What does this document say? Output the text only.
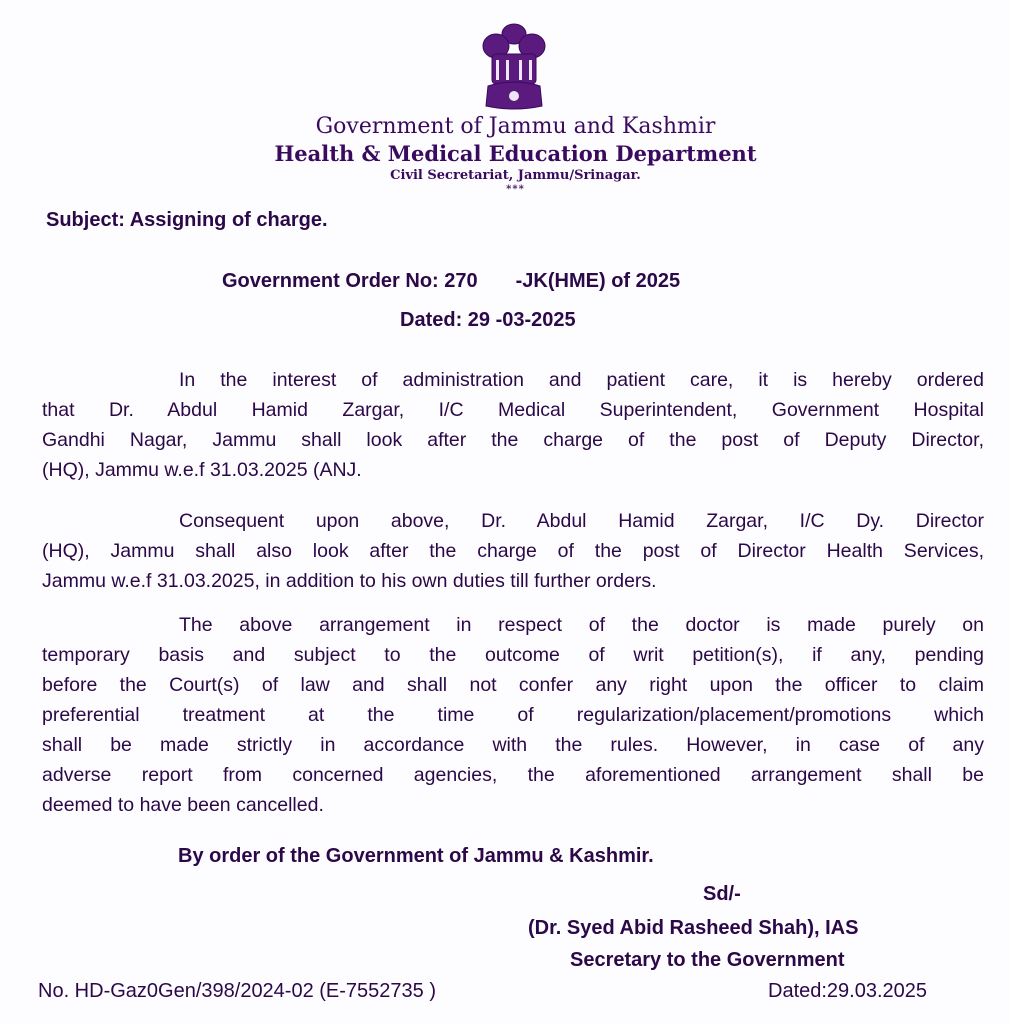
Government of Jammu and Kashmir
Health & Medical Education Department
Civil Secretariat, Jammu/Srinagar.
***
Subject: Assigning of charge.
Government Order No: 270 -JK(HME) of 2025
Dated: 29 -03-2025
In the interest of administration and patient care, it is hereby ordered
that Dr. Abdul Hamid Zargar, I/C Medical Superintendent, Government Hospital
Gandhi Nagar, Jammu shall look after the charge of the post of Deputy Director,
(HQ), Jammu w.e.f 31.03.2025 (ANJ.
Consequent upon above, Dr. Abdul Hamid Zargar, I/C Dy. Director
(HQ), Jammu shall also look after the charge of the post of Director Health Services,
Jammu w.e.f 31.03.2025, in addition to his own duties till further orders.
The above arrangement in respect of the doctor is made purely on
temporary basis and subject to the outcome of writ petition(s), if any, pending
before the Court(s) of law and shall not confer any right upon the officer to claim
preferential treatment at the time of regularization/placement/promotions which
shall be made strictly in accordance with the rules. However, in case of any
adverse report from concerned agencies, the aforementioned arrangement shall be
deemed to have been cancelled.
By order of the Government of Jammu & Kashmir.
Sd/-
(Dr. Syed Abid Rasheed Shah), IAS
Secretary to the Government
No. HD-Gaz0Gen/398/2024-02 (E-7552735 )	Dated:29.03.2025
